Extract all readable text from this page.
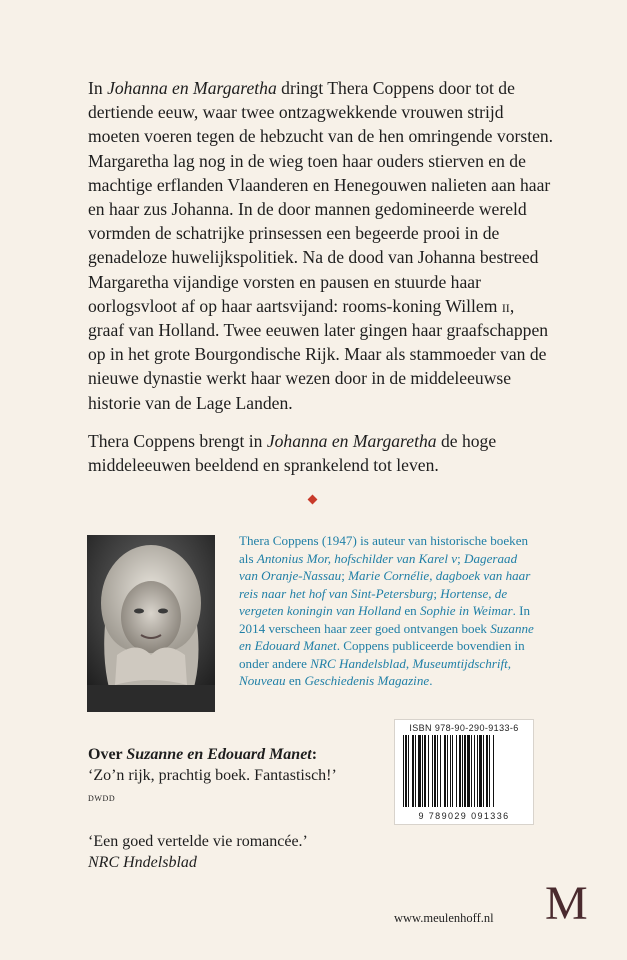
In Johanna en Margaretha dringt Thera Coppens door tot de dertiende eeuw, waar twee ontzagwekkende vrouwen strijd moeten voeren tegen de hebzucht van de hen omringende vorsten. Margaretha lag nog in de wieg toen haar ouders stierven en de machtige erflanden Vlaanderen en Henegouwen nalieten aan haar en haar zus Johanna. In de door mannen gedomineerde wereld vormden de schatrijke prinsessen een begeerde prooi in de genadeloze huwelijkspolitiek. Na de dood van Johanna bestreed Margaretha vijandige vorsten en pausen en stuurde haar oorlogsvloot af op haar aartsvijand: rooms-koning Willem ii, graaf van Holland. Twee eeuwen later gingen haar graafschappen op in het grote Bourgondische Rijk. Maar als stammoeder van de nieuwe dynastie werkt haar wezen door in de middeleeuwse historie van de Lage Landen.

Thera Coppens brengt in Johanna en Margaretha de hoge middeleeuwen beeldend en sprankelend tot leven.

Thera Coppens (1947) is auteur van historische boeken als Antonius Mor, hofschilder van Karel v; Dageraad van Oranje-Nassau; Marie Cornélie, dagboek van haar reis naar het hof van Sint-Petersburg; Hortense, de vergeten koningin van Holland en Sophie in Weimar. In 2014 verscheen haar zeer goed ontvangen boek Suzanne en Edouard Manet. Coppens publiceerde bovendien in onder andere NRC Handelsblad, Museumtijdschrift, Nouveau en Geschiedenis Magazine.

Over Suzanne en Edouard Manet:
‘Zo’n rijk, prachtig boek. Fantastisch!’
dwdd
‘Een goed vertelde vie romancée.’
NRC Hndelsblad
ISBN 978-90-290-9133-6
9 789029 091336
www.meulenhoff.nl M
